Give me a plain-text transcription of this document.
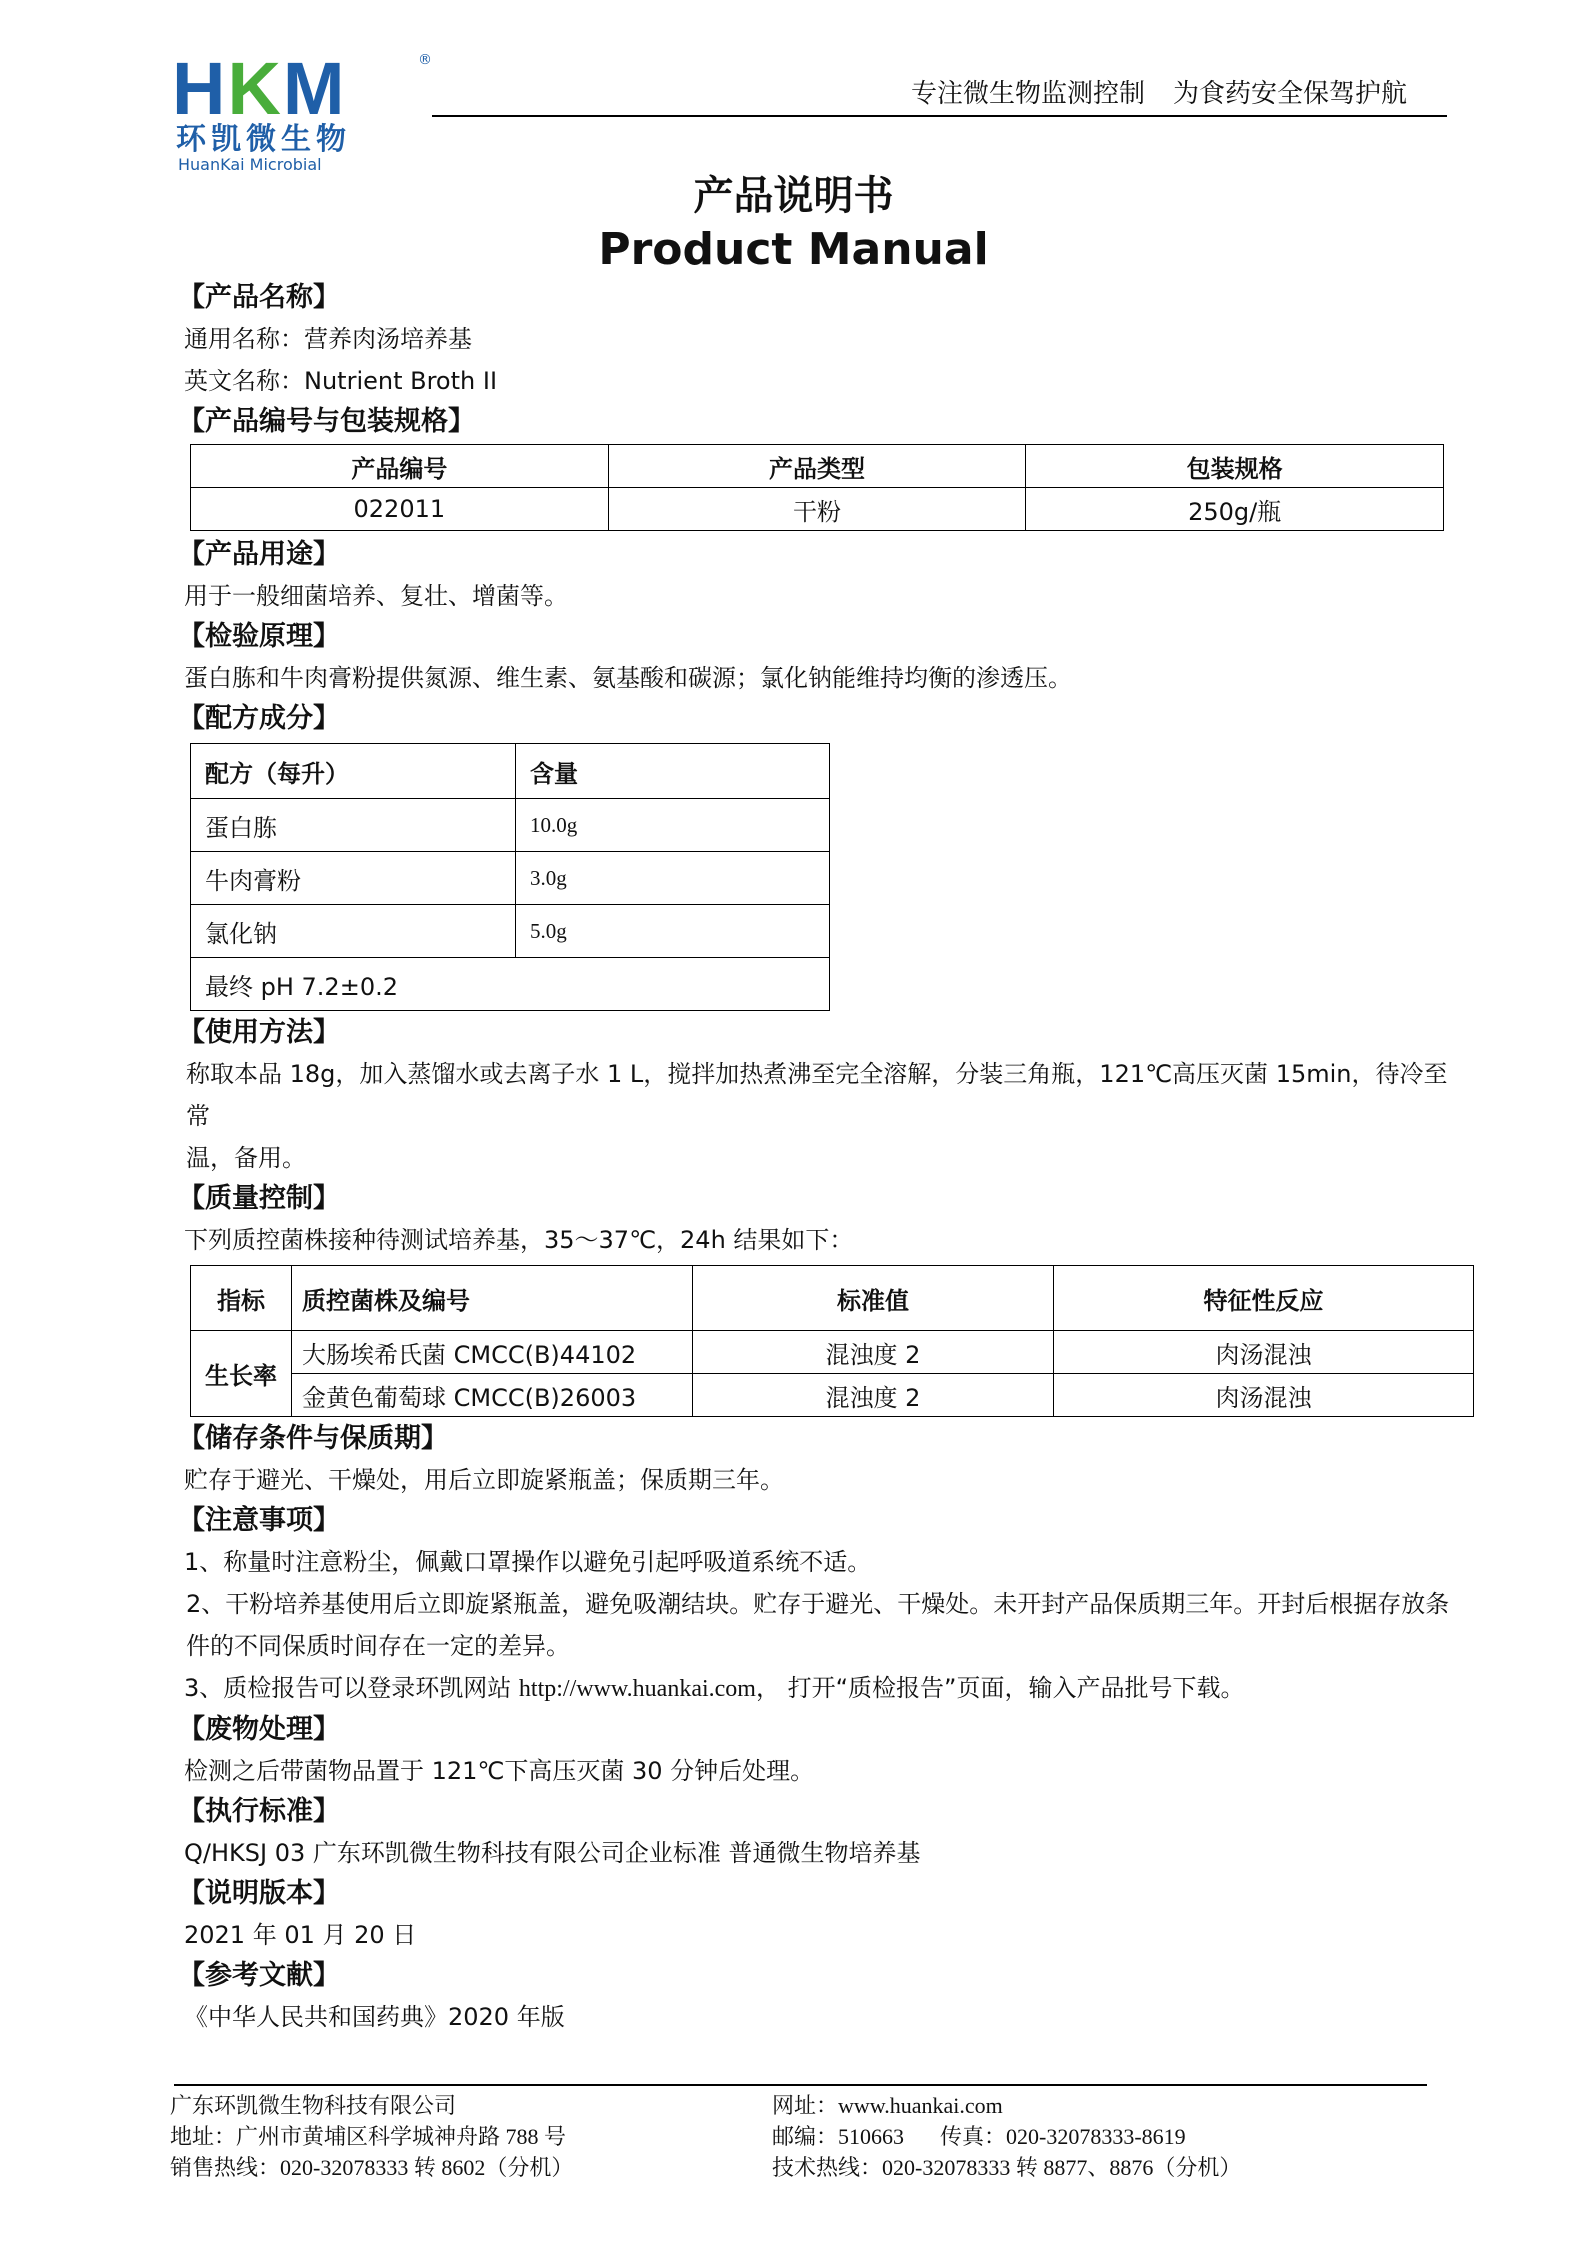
HKM	®
环凯微生物
HuanKai Microbial
专注微生物监测控制 为食药安全保驾护航
产品说明书
Product Manual
【产品名称】
通用名称：营养肉汤培养基
英文名称：Nutrient Broth II
【产品编号与包装规格】
产品编号	产品类型	包装规格
022011	干粉	250g/瓶
【产品用途】
用于一般细菌培养、复壮、增菌等。
【检验原理】
蛋白胨和牛肉膏粉提供氮源、维生素、氨基酸和碳源；氯化钠能维持均衡的渗透压。
【配方成分】
配方（每升）	含量
蛋白胨	10.0g
牛肉膏粉	3.0g
氯化钠	5.0g
最终 pH 7.2±0.2	
【使用方法】
称取本品 18g，加入蒸馏水或去离子水 1 L，搅拌加热煮沸至完全溶解，分装三角瓶，121℃高压灭菌 15min，待冷至常
温，备用。
【质量控制】
下列质控菌株接种待测试培养基，35～37℃，24h 结果如下：
指标	质控菌株及编号	标准值	特征性反应
生长率	大肠埃希氏菌 CMCC(B)44102	混浊度 2	肉汤混浊
	金黄色葡萄球 CMCC(B)26003	混浊度 2	肉汤混浊
【储存条件与保质期】
贮存于避光、干燥处，用后立即旋紧瓶盖；保质期三年。
【注意事项】
1、称量时注意粉尘，佩戴口罩操作以避免引起呼吸道系统不适。
2、干粉培养基使用后立即旋紧瓶盖，避免吸潮结块。贮存于避光、干燥处。未开封产品保质期三年。开封后根据存放条
件的不同保质时间存在一定的差异。
3、质检报告可以登录环凯网站 http://www.huankai.com， 打开“质检报告”页面，输入产品批号下载。
【废物处理】
检测之后带菌物品置于 121℃下高压灭菌 30 分钟后处理。
【执行标准】
Q/HKSJ 03 广东环凯微生物科技有限公司企业标准 普通微生物培养基
【说明版本】
2021 年 01 月 20 日
【参考文献】
《中华人民共和国药典》2020 年版
广东环凯微生物科技有限公司
地址：广州市黄埔区科学城神舟路 788 号
销售热线：020-32078333 转 8602（分机）
网址：www.huankai.com
邮编：510663 传真：020-32078333-8619
技术热线：020-32078333 转 8877、8876（分机）
